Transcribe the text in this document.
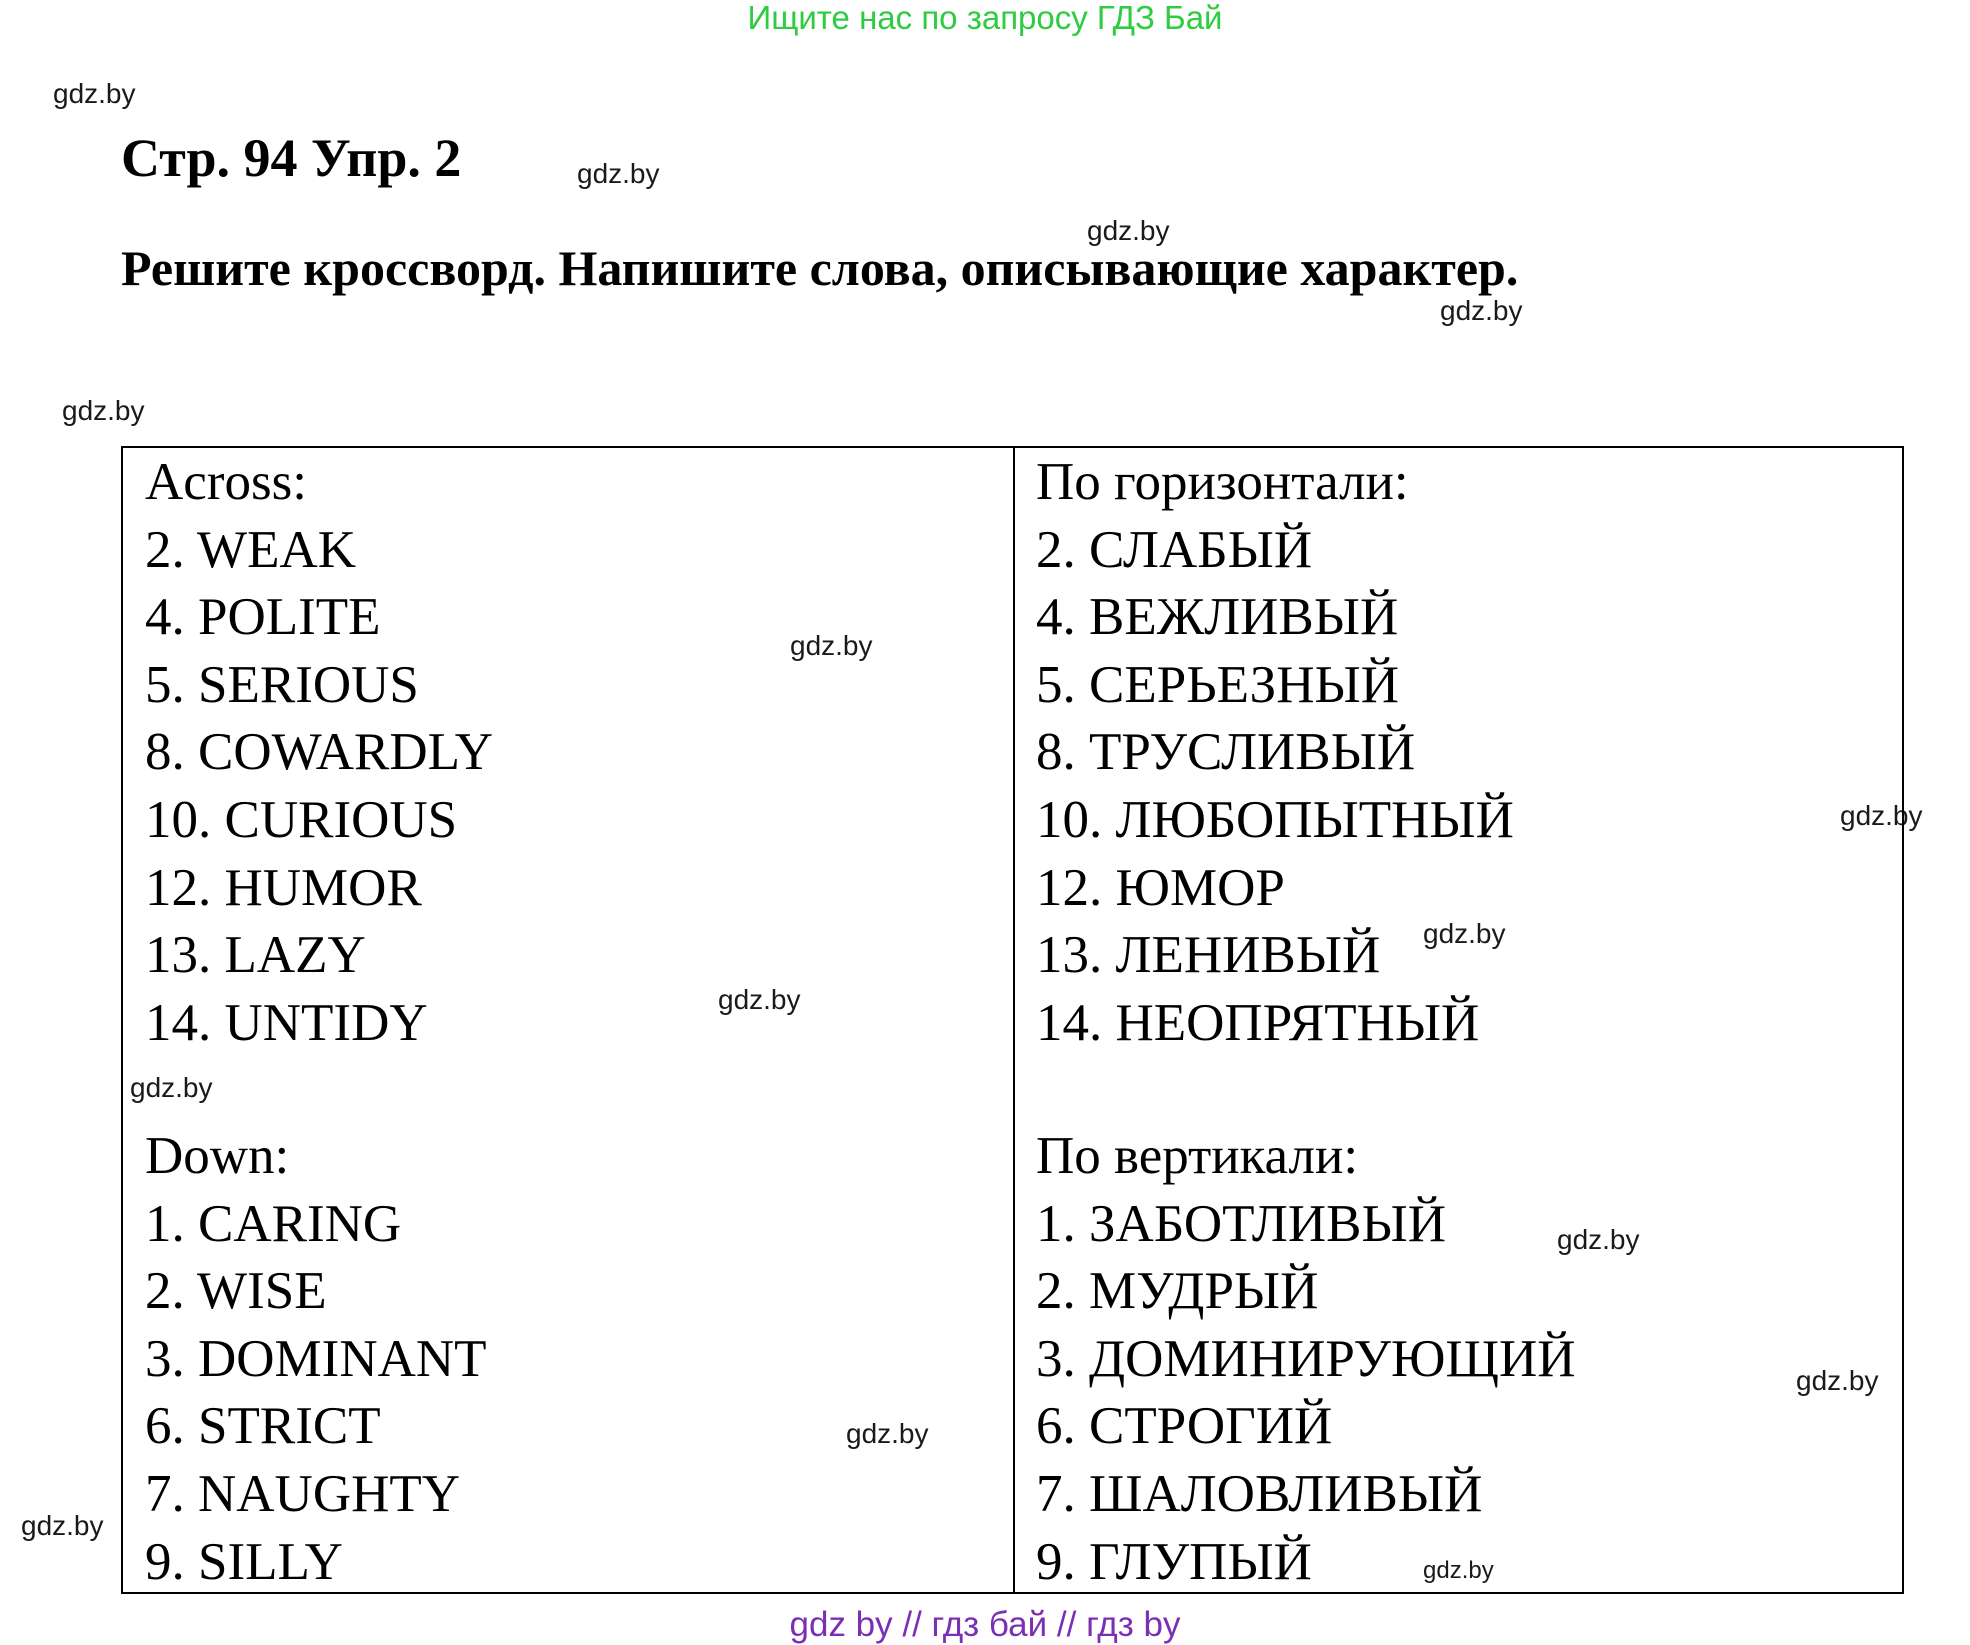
Ищите нас по запросу ГДЗ Бай
gdz.by
gdz.by
gdz.by
gdz.by
gdz.by
gdz.by
gdz.by
gdz.by
gdz.by
gdz.by
gdz.by
gdz.by
gdz.by
gdz.by
gdz.by
Стр. 94 Упр. 2
Решите кроссворд. Напишите слова, описывающие характер.
Across:
2. WEAK
4. POLITE
5. SERIOUS
8. COWARDLY
10. CURIOUS
12. HUMOR
13. LAZY
14. UNTIDY
Down:
1. CARING
2. WISE
3. DOMINANT
6. STRICT
7. NAUGHTY
9. SILLY
По горизонтали:
2. СЛАБЫЙ
4. ВЕЖЛИВЫЙ
5. СЕРЬЕЗНЫЙ
8. ТРУСЛИВЫЙ
10. ЛЮБОПЫТНЫЙ
12. ЮМОР
13. ЛЕНИВЫЙ
14. НЕОПРЯТНЫЙ
По вертикали:
1. ЗАБОТЛИВЫЙ
2. МУДРЫЙ
3. ДОМИНИРУЮЩИЙ
6. СТРОГИЙ
7. ШАЛОВЛИВЫЙ
9. ГЛУПЫЙ
gdz by // гдз бай // гдз by
